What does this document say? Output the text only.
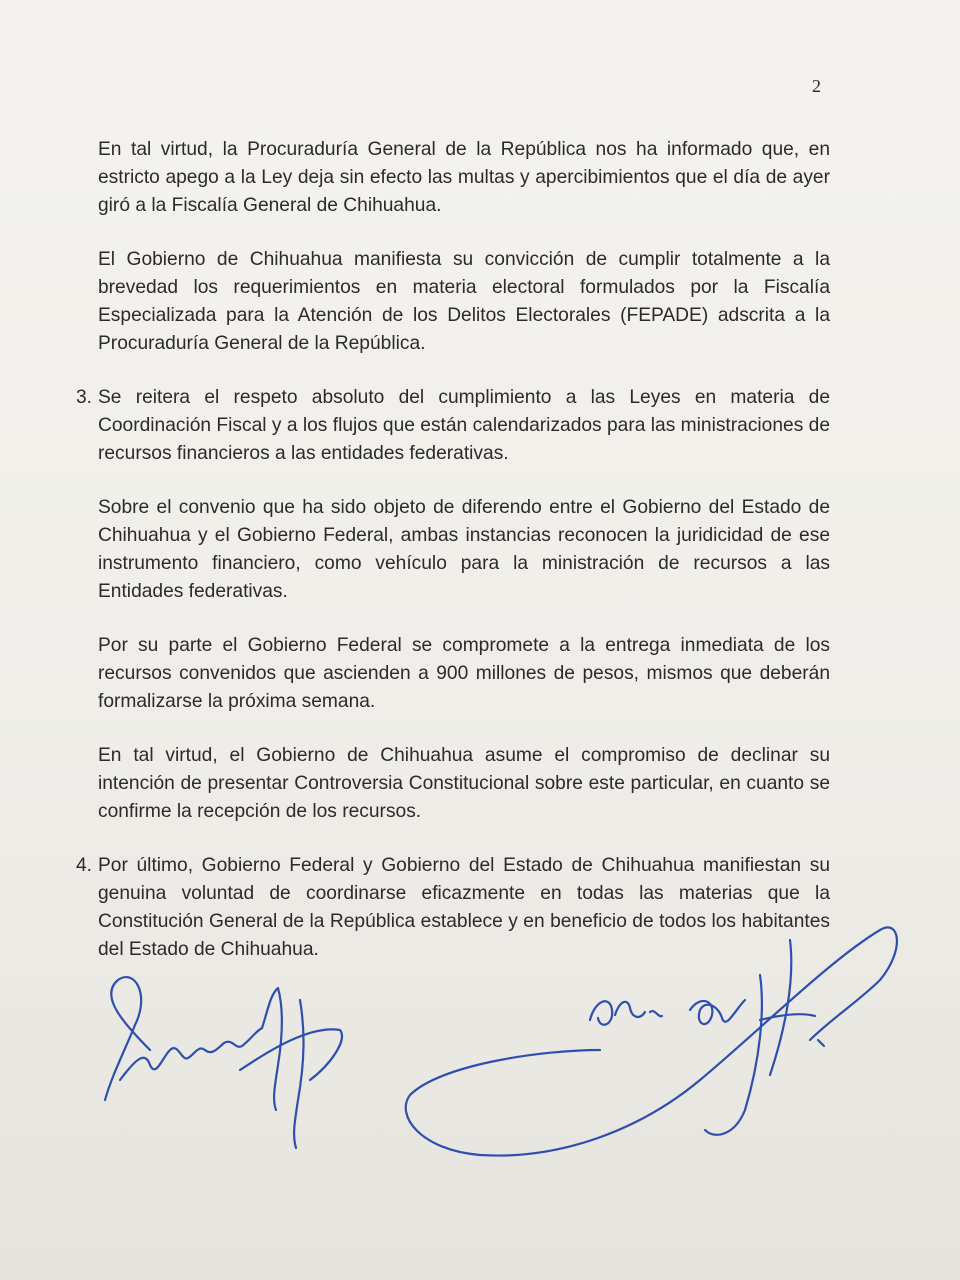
2

En tal virtud, la Procuraduría General de la República nos ha informado que, en estricto apego a la Ley deja sin efecto las multas y apercibimientos que el día de ayer giró a la Fiscalía General de Chihuahua.

El Gobierno de Chihuahua manifiesta su convicción de cumplir totalmente a la brevedad los requerimientos en materia electoral formulados por la Fiscalía Especializada para la Atención de los Delitos Electorales (FEPADE) adscrita a la Procuraduría General de la República.

3. Se reitera el respeto absoluto del cumplimiento a las Leyes en materia de Coordinación Fiscal y a los flujos que están calendarizados para las ministraciones de recursos financieros a las entidades federativas.

Sobre el convenio que ha sido objeto de diferendo entre el Gobierno del Estado de Chihuahua y el Gobierno Federal, ambas instancias reconocen la juridicidad de ese instrumento financiero, como vehículo para la ministración de recursos a las Entidades federativas.

Por su parte el Gobierno Federal se compromete a la entrega inmediata de los recursos convenidos que ascienden a 900 millones de pesos, mismos que deberán formalizarse la próxima semana.

En tal virtud, el Gobierno de Chihuahua asume el compromiso de declinar su intención de presentar Controversia Constitucional sobre este particular, en cuanto se confirme la recepción de los recursos.

4. Por último, Gobierno Federal y Gobierno del Estado de Chihuahua manifiestan su genuina voluntad de coordinarse eficazmente en todas las materias que la Constitución General de la República establece y en beneficio de todos los habitantes del Estado de Chihuahua.
